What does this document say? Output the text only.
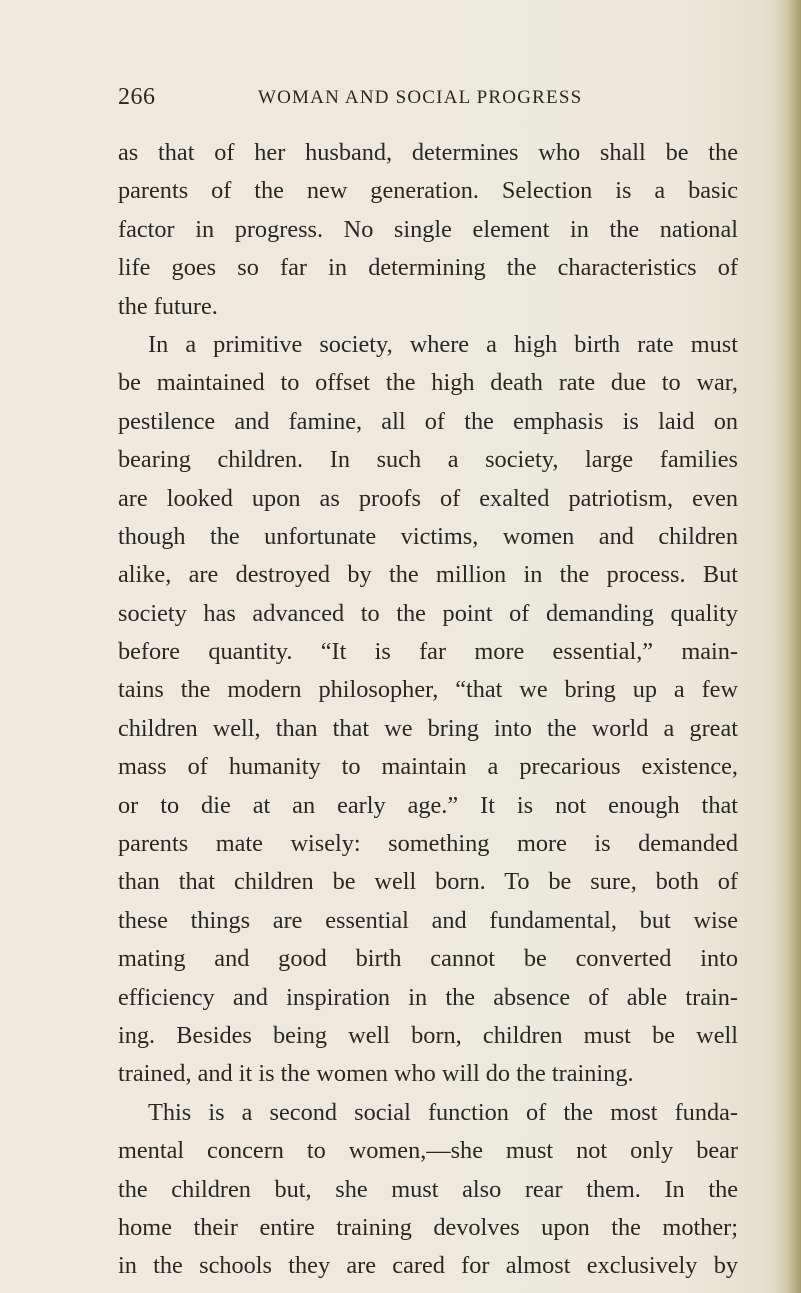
266	WOMAN AND SOCIAL PROGRESS
as that of her husband, determines who shall be the
parents of the new generation. Selection is a basic
factor in progress. No single element in the national
life goes so far in determining the characteristics of
the future.
In a primitive society, where a high birth rate must
be maintained to offset the high death rate due to war,
pestilence and famine, all of the emphasis is laid on
bearing children. In such a society, large families
are looked upon as proofs of exalted patriotism, even
though the unfortunate victims, women and children
alike, are destroyed by the million in the process. But
society has advanced to the point of demanding quality
before quantity. “It is far more essential,” main-
tains the modern philosopher, “that we bring up a few
children well, than that we bring into the world a great
mass of humanity to maintain a precarious existence,
or to die at an early age.” It is not enough that
parents mate wisely: something more is demanded
than that children be well born. To be sure, both of
these things are essential and fundamental, but wise
mating and good birth cannot be converted into
efficiency and inspiration in the absence of able train-
ing. Besides being well born, children must be well
trained, and it is the women who will do the training.
This is a second social function of the most funda-
mental concern to women,—she must not only bear
the children but, she must also rear them. In the
home their entire training devolves upon the mother;
in the schools they are cared for almost exclusively by
